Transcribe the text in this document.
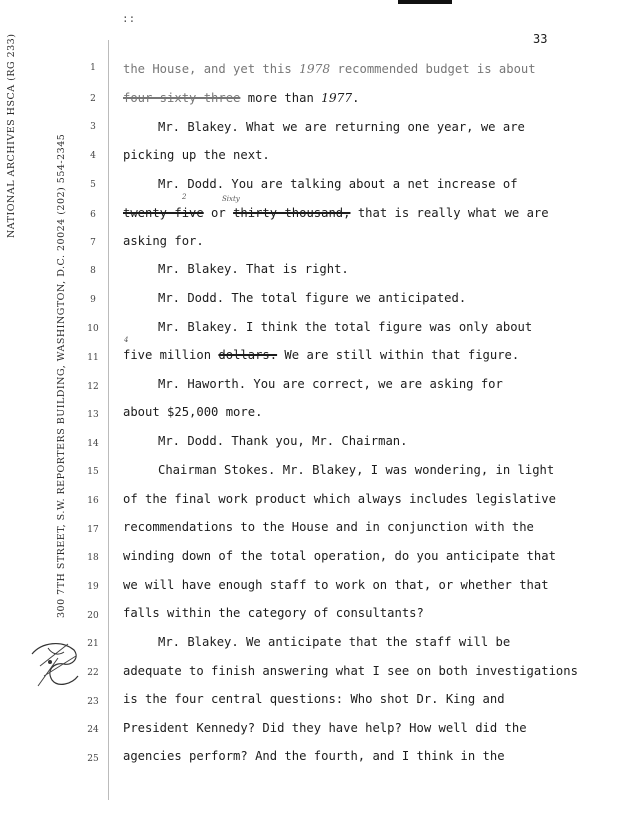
::
33
NATIONAL ARCHIVES HSCA (RG 233)	300 7TH STREET, S.W. REPORTERS BUILDING, WASHINGTON, D.C. 20024 (202) 554-2345
1
2
3
4
5
6
7
8
9
10
11
12
13
14
15
16
17
18
19
20
21
22
23
24
25
2	Sixty
4
the House, and yet this 1978 recommended budget is about
four sixty-three more than 1977.
Mr. Blakey. What we are returning one year, we are
picking up the next.
Mr. Dodd. You are talking about a net increase of
twenty-five or thirty thousand, that is really what we are
asking for.
Mr. Blakey. That is right.
Mr. Dodd. The total figure we anticipated.
Mr. Blakey. I think the total figure was only about
five million dollars. We are still within that figure.
Mr. Haworth. You are correct, we are asking for
about $25,000 more.
Mr. Dodd. Thank you, Mr. Chairman.
Chairman Stokes. Mr. Blakey, I was wondering, in light
of the final work product which always includes legislative
recommendations to the House and in conjunction with the
winding down of the total operation, do you anticipate that
we will have enough staff to work on that, or whether that
falls within the category of consultants?
Mr. Blakey. We anticipate that the staff will be
adequate to finish answering what I see on both investigations
is the four central questions: Who shot Dr. King and
President Kennedy? Did they have help? How well did the
agencies perform? And the fourth, and I think in the
